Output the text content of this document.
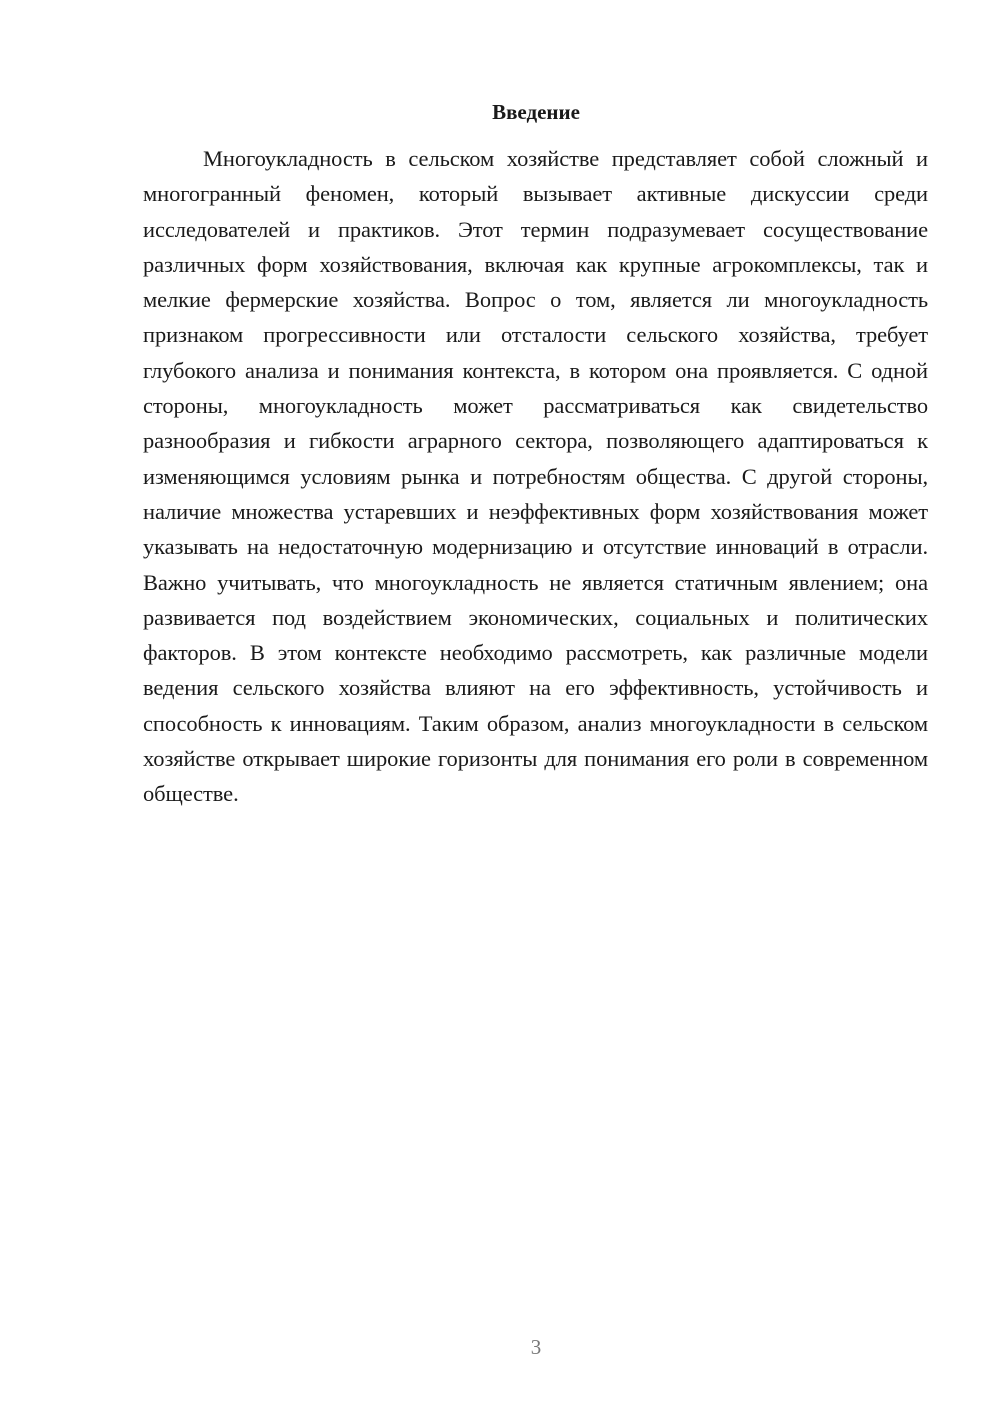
Введение

Многоукладность в сельском хозяйстве представляет собой сложный и многогранный феномен, который вызывает активные дискуссии среди исследователей и практиков. Этот термин подразумевает сосуществование различных форм хозяйствования, включая как крупные агрокомплексы, так и мелкие фермерские хозяйства. Вопрос о том, является ли многоукладность признаком прогрессивности или отсталости сельского хозяйства, требует глубокого анализа и понимания контекста, в котором она проявляется. С одной стороны, многоукладность может рассматриваться как свидетельство разнообразия и гибкости аграрного сектора, позволяющего адаптироваться к изменяющимся условиям рынка и потребностям общества. С другой стороны, наличие множества устаревших и неэффективных форм хозяйствования может указывать на недостаточную модернизацию и отсутствие инноваций в отрасли. Важно учитывать, что многоукладность не является статичным явлением; она развивается под воздействием экономических, социальных и политических факторов. В этом контексте необходимо рассмотреть, как различные модели ведения сельского хозяйства влияют на его эффективность, устойчивость и способность к инновациям. Таким образом, анализ многоукладности в сельском хозяйстве открывает широкие горизонты для понимания его роли в современном обществе.

3
